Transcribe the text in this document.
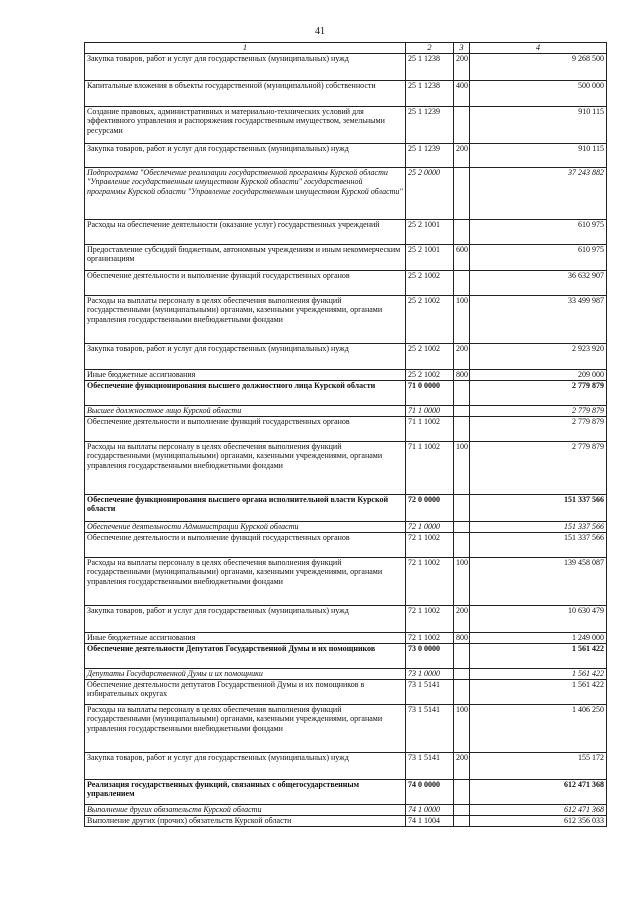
41
1	2	3	4
Закупка товаров, работ и услуг для государственных (муниципальных) нужд	25 1 1238	200	9 268 500
Капитальные вложения в объекты государственной (муниципальной) собственности	25 1 1238	400	500 000
Создание правовых, административных и материально-технических условий для эффективного управления и распоряжения государственным имуществом, земельными ресурсами	25 1 1239		910 115
Закупка товаров, работ и услуг для государственных (муниципальных) нужд	25 1 1239	200	910 115
Подпрограмма "Обеспечение реализации государственной программы Курской области "Управление государственным имуществом Курской области" государственной программы Курской области "Управление государственным имуществом Курской области"	25 2 0000		37 243 882
Расходы на обеспечение деятельности (оказание услуг) государственных учреждений	25 2 1001		610 975
Предоставление субсидий бюджетным, автономным учреждениям и иным некоммерческим организациям	25 2 1001	600	610 975
Обеспечение деятельности и выполнение функций государственных органов	25 2 1002		36 632 907
Расходы на выплаты персоналу в целях обеспечения выполнения функций государственными (муниципальными) органами, казенными учреждениями, органами управления государственными внебюджетными фондами	25 2 1002	100	33 499 987
Закупка товаров, работ и услуг для государственных (муниципальных) нужд	25 2 1002	200	2 923 920
Иные бюджетные ассигнования	25 2 1002	800	209 000
Обеспечение функционирования высшего должностного лица Курской области	71 0 0000		2 779 879
Высшее должностное лицо Курской области	71 1 0000		2 779 879
Обеспечение деятельности и выполнение функций государственных органов	71 1 1002		2 779 879
Расходы на выплаты персоналу в целях обеспечения выполнения функций государственными (муниципальными) органами, казенными учреждениями, органами управления государственными внебюджетными фондами	71 1 1002	100	2 779 879
Обеспечение функционирования высшего органа исполнительной власти Курской области	72 0 0000		151 337 566
Обеспечение деятельности Администрации Курской области	72 1 0000		151 337 566
Обеспечение деятельности и выполнение функций государственных органов	72 1 1002		151 337 566
Расходы на выплаты персоналу в целях обеспечения выполнения функций государственными (муниципальными) органами, казенными учреждениями, органами управления государственными внебюджетными фондами	72 1 1002	100	139 458 087
Закупка товаров, работ и услуг для государственных (муниципальных) нужд	72 1 1002	200	10 630 479
Иные бюджетные ассигнования	72 1 1002	800	1 249 000
Обеспечение деятельности Депутатов Государственной Думы и их помощников	73 0 0000		1 561 422
Депутаты Государственной Думы и их помощники	73 1 0000		1 561 422
Обеспечение деятельности депутатов Государственной Думы и их помощников в избирательных округах	73 1 5141		1 561 422
Расходы на выплаты персоналу в целях обеспечения выполнения функций государственными (муниципальными) органами, казенными учреждениями, органами управления государственными внебюджетными фондами	73 1 5141	100	1 406 250
Закупка товаров, работ и услуг для государственных (муниципальных) нужд	73 1 5141	200	155 172
Реализация государственных функций, связанных с общегосударственным управлением	74 0 0000		612 471 368
Выполнение других обязательств Курской области	74 1 0000		612 471 368
Выполнение других (прочих) обязательств Курской области	74 1 1004		612 356 033
